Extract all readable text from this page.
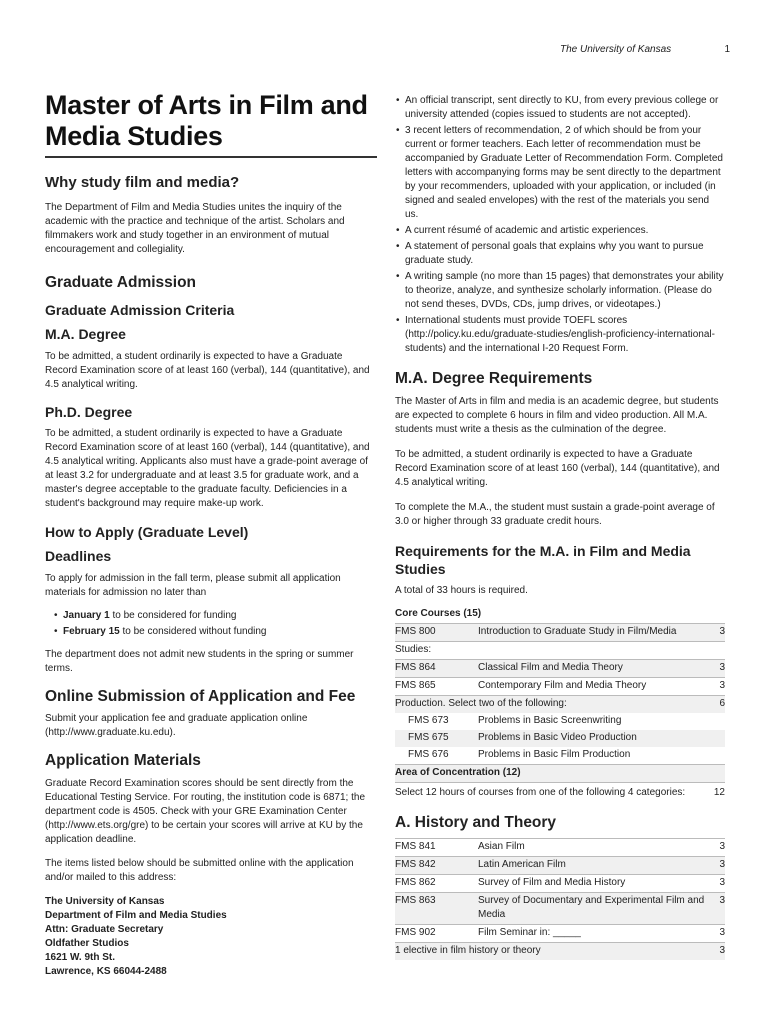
The University of Kansas	1
Master of Arts in Film and Media Studies
Why study film and media?

The Department of Film and Media Studies unites the inquiry of the academic with the practice and technique of the artist. Scholars and filmmakers work and study together in an environment of mutual encouragement and collegiality.

Graduate Admission
Graduate Admission Criteria
M.A. Degree

To be admitted, a student ordinarily is expected to have a Graduate Record Examination score of at least 160 (verbal), 144 (quantitative), and 4.5 analytical writing.

Ph.D. Degree

To be admitted, a student ordinarily is expected to have a Graduate Record Examination score of at least 160 (verbal), 144 (quantitative), and 4.5 analytical writing. Applicants also must have a grade-point average of at least 3.2 for undergraduate and at least 3.5 for graduate work, and a master's degree acceptable to the graduate faculty. Deficiencies in a student's background may require make-up work.

How to Apply (Graduate Level)
Deadlines

To apply for admission in the fall term, please submit all application materials for admission no later than

• January 1 to be considered for funding
• February 15 to be considered without funding

The department does not admit new students in the spring or summer terms.

Online Submission of Application and Fee

Submit your application fee and graduate application online (http://www.graduate.ku.edu).

Application Materials

Graduate Record Examination scores should be sent directly from the Educational Testing Service. For routing, the institution code is 6871; the department code is 4505. Check with your GRE Examination Center (http://www.ets.org/gre) to be certain your scores will arrive at KU by the application deadline.

The items listed below should be submitted online with the application and/or mailed to this address:

The University of Kansas

Department of Film and Media Studies

Attn: Graduate Secretary

Oldfather Studios

1621 W. 9th St.

Lawrence, KS 66044-2488

• An official transcript, sent directly to KU, from every previous college or university attended (copies issued to students are not accepted).
• 3 recent letters of recommendation, 2 of which should be from your current or former teachers. Each letter of recommendation must be accompanied by Graduate Letter of Recommendation Form. Completed letters with accompanying forms may be sent directly to the department by your recommenders, uploaded with your application, or included (in signed and sealed envelopes) with the rest of the materials you send us.
• A current résumé of academic and artistic experiences.
• A statement of personal goals that explains why you want to pursue graduate study.
• A writing sample (no more than 15 pages) that demonstrates your ability to theorize, analyze, and synthesize scholarly information. (Please do not send theses, DVDs, CDs, jump drives, or videotapes.)
• International students must provide TOEFL scores (http://policy.ku.edu/graduate-studies/english-proficiency-international-students) and the international I-20 Request Form.
M.A. Degree Requirements

The Master of Arts in film and media is an academic degree, but students are expected to complete 6 hours in film and video production. All M.A. students must write a thesis as the culmination of the degree.

To be admitted, a student ordinarily is expected to have a Graduate Record Examination score of at least 160 (verbal), 144 (quantitative), and 4.5 analytical writing.

To complete the M.A., the student must sustain a grade-point average of 3.0 or higher through 33 graduate credit hours.

Requirements for the M.A. in Film and Media Studies

A total of 33 hours is required.

Core Courses (15)		
FMS 800	Introduction to Graduate Study in Film/Media	3
Studies:		
FMS 864	Classical Film and Media Theory	3
FMS 865	Contemporary Film and Media Theory	3
Production. Select two of the following:		6
FMS 673	Problems in Basic Screenwriting	
FMS 675	Problems in Basic Video Production	
FMS 676	Problems in Basic Film Production	
Area of Concentration (12)		
Select 12 hours of courses from one of the following 4 categories:		12
A. History and Theory
FMS 841	Asian Film	3
FMS 842	Latin American Film	3
FMS 862	Survey of Film and Media History	3
FMS 863	Survey of Documentary and Experimental Film and Media	3
FMS 902	Film Seminar in: _____	3
1 elective in film history or theory		3
